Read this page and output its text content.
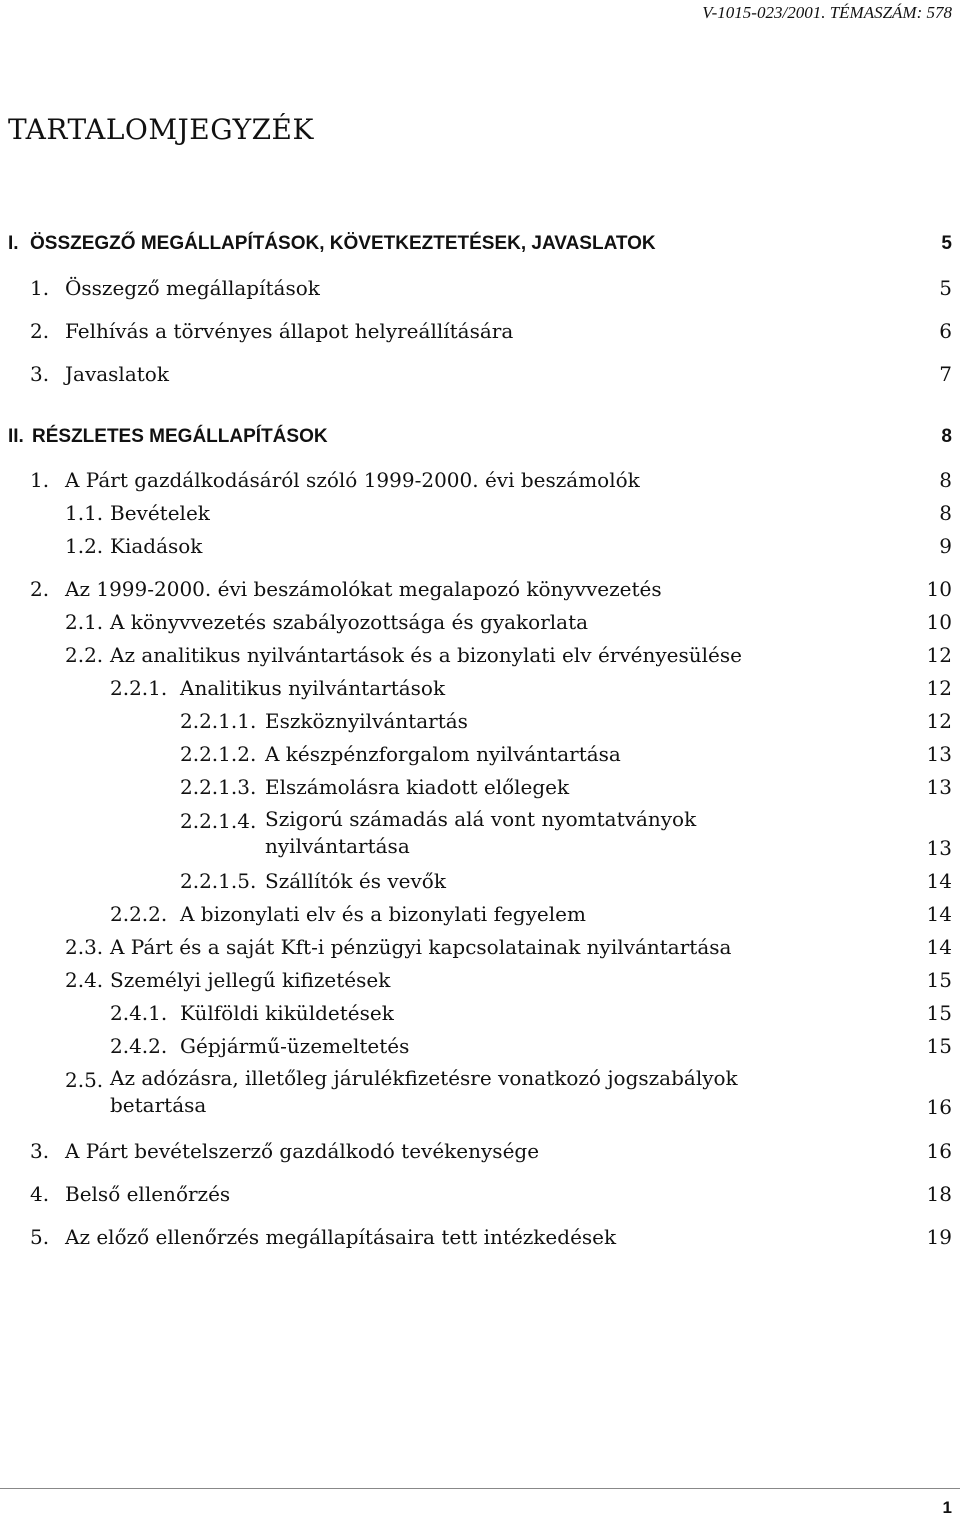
V-1015-023/2001. TÉMASZÁM: 578
TARTALOMJEGYZÉK
I. ÖSSZEGZŐ MEGÁLLAPÍTÁSOK, KÖVETKEZTETÉSEK, JAVASLATOK	5
1. Összegző megállapítások	5
2. Felhívás a törvényes állapot helyreállítására	6
3. Javaslatok	7
II. RÉSZLETES MEGÁLLAPÍTÁSOK	8
1. A Párt gazdálkodásáról szóló 1999-2000. évi beszámolók	8
1.1. Bevételek	8
1.2. Kiadások	9
2. Az 1999-2000. évi beszámolókat megalapozó könyvvezetés	10
2.1. A könyvvezetés szabályozottsága és gyakorlata	10
2.2. Az analitikus nyilvántartások és a bizonylati elv érvényesülése	12
2.2.1. Analitikus nyilvántartások	12
2.2.1.1. Eszköznyilvántartás	12
2.2.1.2. A készpénzforgalom nyilvántartása	13
2.2.1.3. Elszámolásra kiadott előlegek	13
2.2.1.4. Szigorú számadás alá vont nyomtatványok nyilvántartása	13
2.2.1.5. Szállítók és vevők	14
2.2.2. A bizonylati elv és a bizonylati fegyelem	14
2.3. A Párt és a saját Kft-i pénzügyi kapcsolatainak nyilvántartása	14
2.4. Személyi jellegű kifizetések	15
2.4.1. Külföldi kiküldetések	15
2.4.2. Gépjármű-üzemeltetés	15
2.5. Az adózásra, illetőleg járulékfizetésre vonatkozó jogszabályok betartása	16
3. A Párt bevételszerző gazdálkodó tevékenysége	16
4. Belső ellenőrzés	18
5. Az előző ellenőrzés megállapításaira tett intézkedések	19
1
